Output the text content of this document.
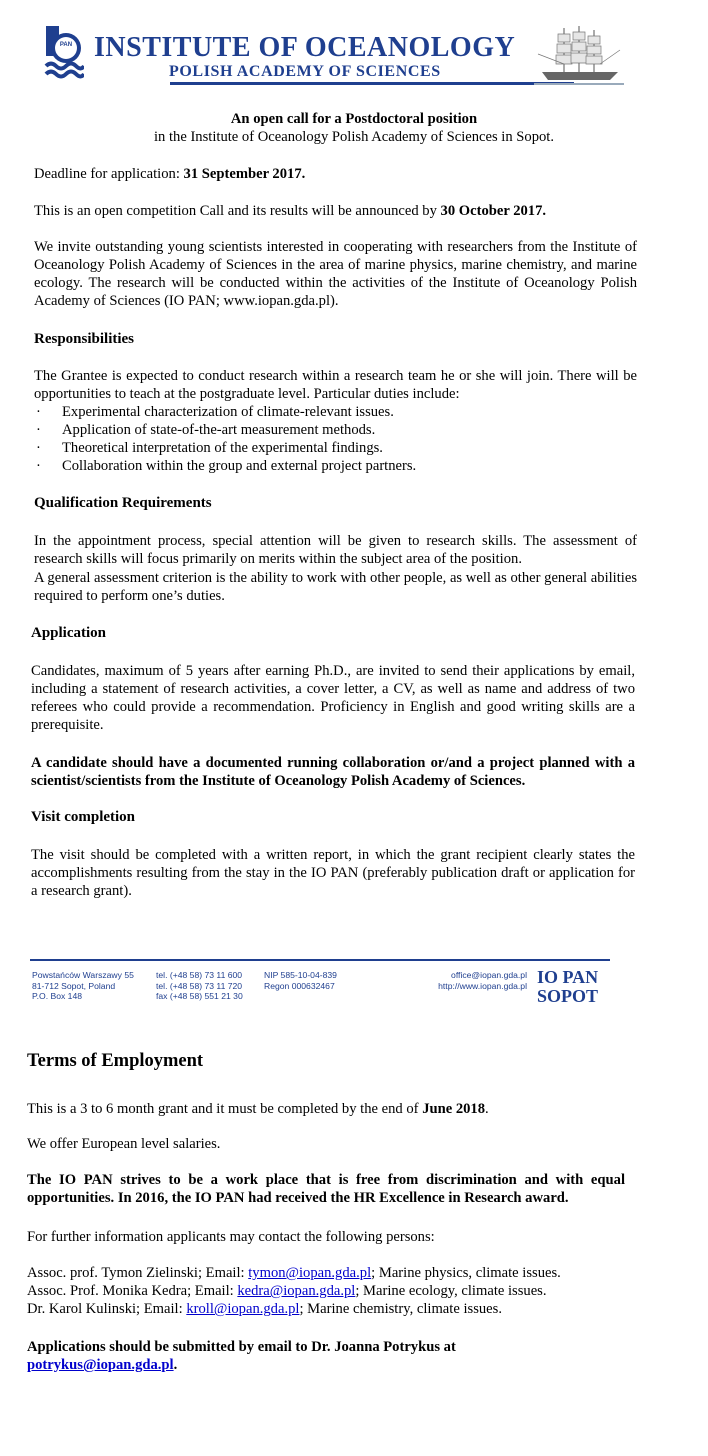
PAN INSTITUTE OF OCEANOLOGY
POLISH ACADEMY OF SCIENCES

An open call for a Postdoctoral position

in the Institute of Oceanology Polish Academy of Sciences in Sopot.

Deadline for application: 31 September 2017.

This is an open competition Call and its results will be announced by 30 October 2017.

We invite outstanding young scientists interested in cooperating with researchers from the Institute of Oceanology Polish Academy of Sciences in the area of marine physics, marine chemistry, and marine ecology. The research will be conducted within the activities of the Institute of Oceanology Polish Academy of Sciences (IO PAN; www.iopan.gda.pl).

Responsibilities

The Grantee is expected to conduct research within a research team he or she will join. There will be opportunities to teach at the postgraduate level. Particular duties include:

· Experimental characterization of climate-relevant issues.
· Application of state-of-the-art measurement methods.
· Theoretical interpretation of the experimental findings.
· Collaboration within the group and external project partners.

Qualification Requirements

In the appointment process, special attention will be given to research skills. The assessment of research skills will focus primarily on merits within the subject area of the position.

A general assessment criterion is the ability to work with other people, as well as other general abilities required to perform one’s duties.

Application

Candidates, maximum of 5 years after earning Ph.D., are invited to send their applications by email, including a statement of research activities, a cover letter, a CV, as well as name and address of two referees who could provide a recommendation. Proficiency in English and good writing skills are a prerequisite.

A candidate should have a documented running collaboration or/and a project planned with a scientist/scientists from the Institute of Oceanology Polish Academy of Sciences.

Visit completion

The visit should be completed with a written report, in which the grant recipient clearly states the accomplishments resulting from the stay in the IO PAN (preferably publication draft or application for a research grant).

Powstańców Warszawy 55
81-712 Sopot, Poland
P.O. Box 148
tel. (+48 58) 73 11 600
tel. (+48 58) 73 11 720
fax (+48 58) 551 21 30
NIP 585-10-04-839
Regon 000632467
office@iopan.gda.pl
http://www.iopan.gda.pl IO PAN
SOPOT

Terms of Employment

This is a 3 to 6 month grant and it must be completed by the end of June 2018.

We offer European level salaries.

The IO PAN strives to be a work place that is free from discrimination and with equal opportunities. In 2016, the IO PAN had received the HR Excellence in Research award.

For further information applicants may contact the following persons:

Assoc. prof. Tymon Zielinski; Email: tymon@iopan.gda.pl; Marine physics, climate issues.

Assoc. Prof. Monika Kedra; Email: kedra@iopan.gda.pl; Marine ecology, climate issues.

Dr. Karol Kulinski; Email: kroll@iopan.gda.pl; Marine chemistry, climate issues.

Applications should be submitted by email to Dr. Joanna Potrykus at

potrykus@iopan.gda.pl.
